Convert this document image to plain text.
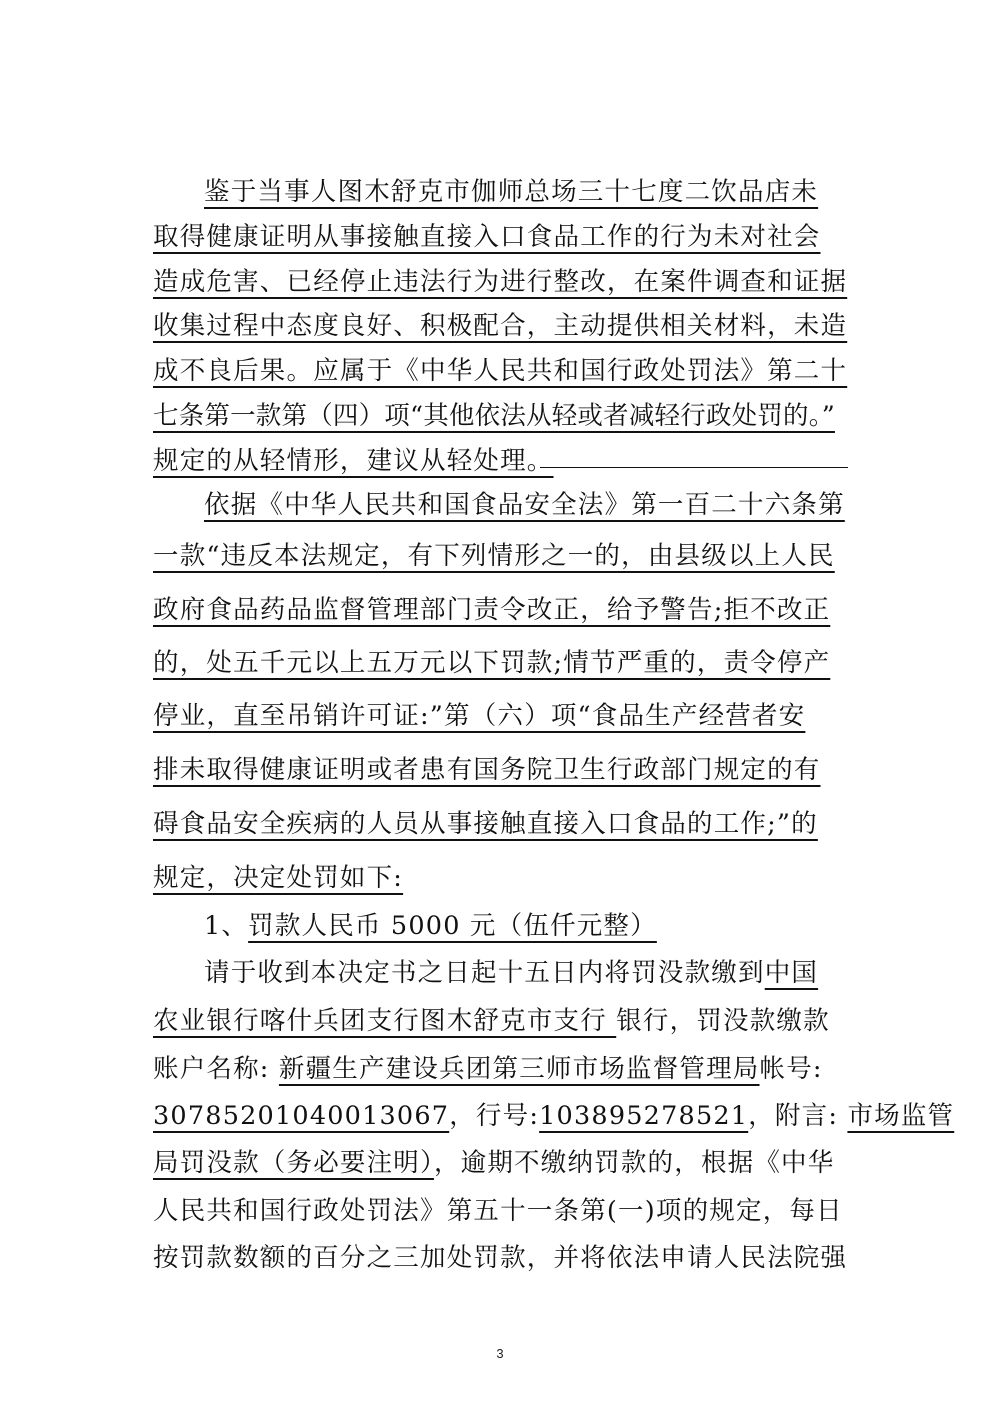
鉴于当事人图木舒克市伽师总场三十七度二饮品店未
取得健康证明从事接触直接入口食品工作的行为未对社会
造成危害、已经停止违法行为进行整改，在案件调查和证据
收集过程中态度良好、积极配合，主动提供相关材料，未造
成不良后果。应属于《中华人民共和国行政处罚法》第二十
七条第一款第（四）项“其他依法从轻或者减轻行政处罚的。”
规定的从轻情形，建议从轻处理。
依据《中华人民共和国食品安全法》第一百二十六条第
一款“违反本法规定，有下列情形之一的，由县级以上人民
政府食品药品监督管理部门责令改正，给予警告;拒不改正
的，处五千元以上五万元以下罚款;情节严重的，责令停产
停业，直至吊销许可证:”第（六）项“食品生产经营者安
排未取得健康证明或者患有国务院卫生行政部门规定的有
碍食品安全疾病的人员从事接触直接入口食品的工作;”的
规定，决定处罚如下:
1、罚款人民币 5000 元（伍仟元整）
请于收到本决定书之日起十五日内将罚没款缴到中国
农业银行喀什兵团支行图木舒克市支行 银行，罚没款缴款
账户名称: 新疆生产建设兵团第三师市场监督管理局帐号:
30785201040013067，行号:103895278521，附言: 市场监管
局罚没款（务必要注明），逾期不缴纳罚款的，根据《中华
人民共和国行政处罚法》第五十一条第(一)项的规定，每日
按罚款数额的百分之三加处罚款，并将依法申请人民法院强
3
